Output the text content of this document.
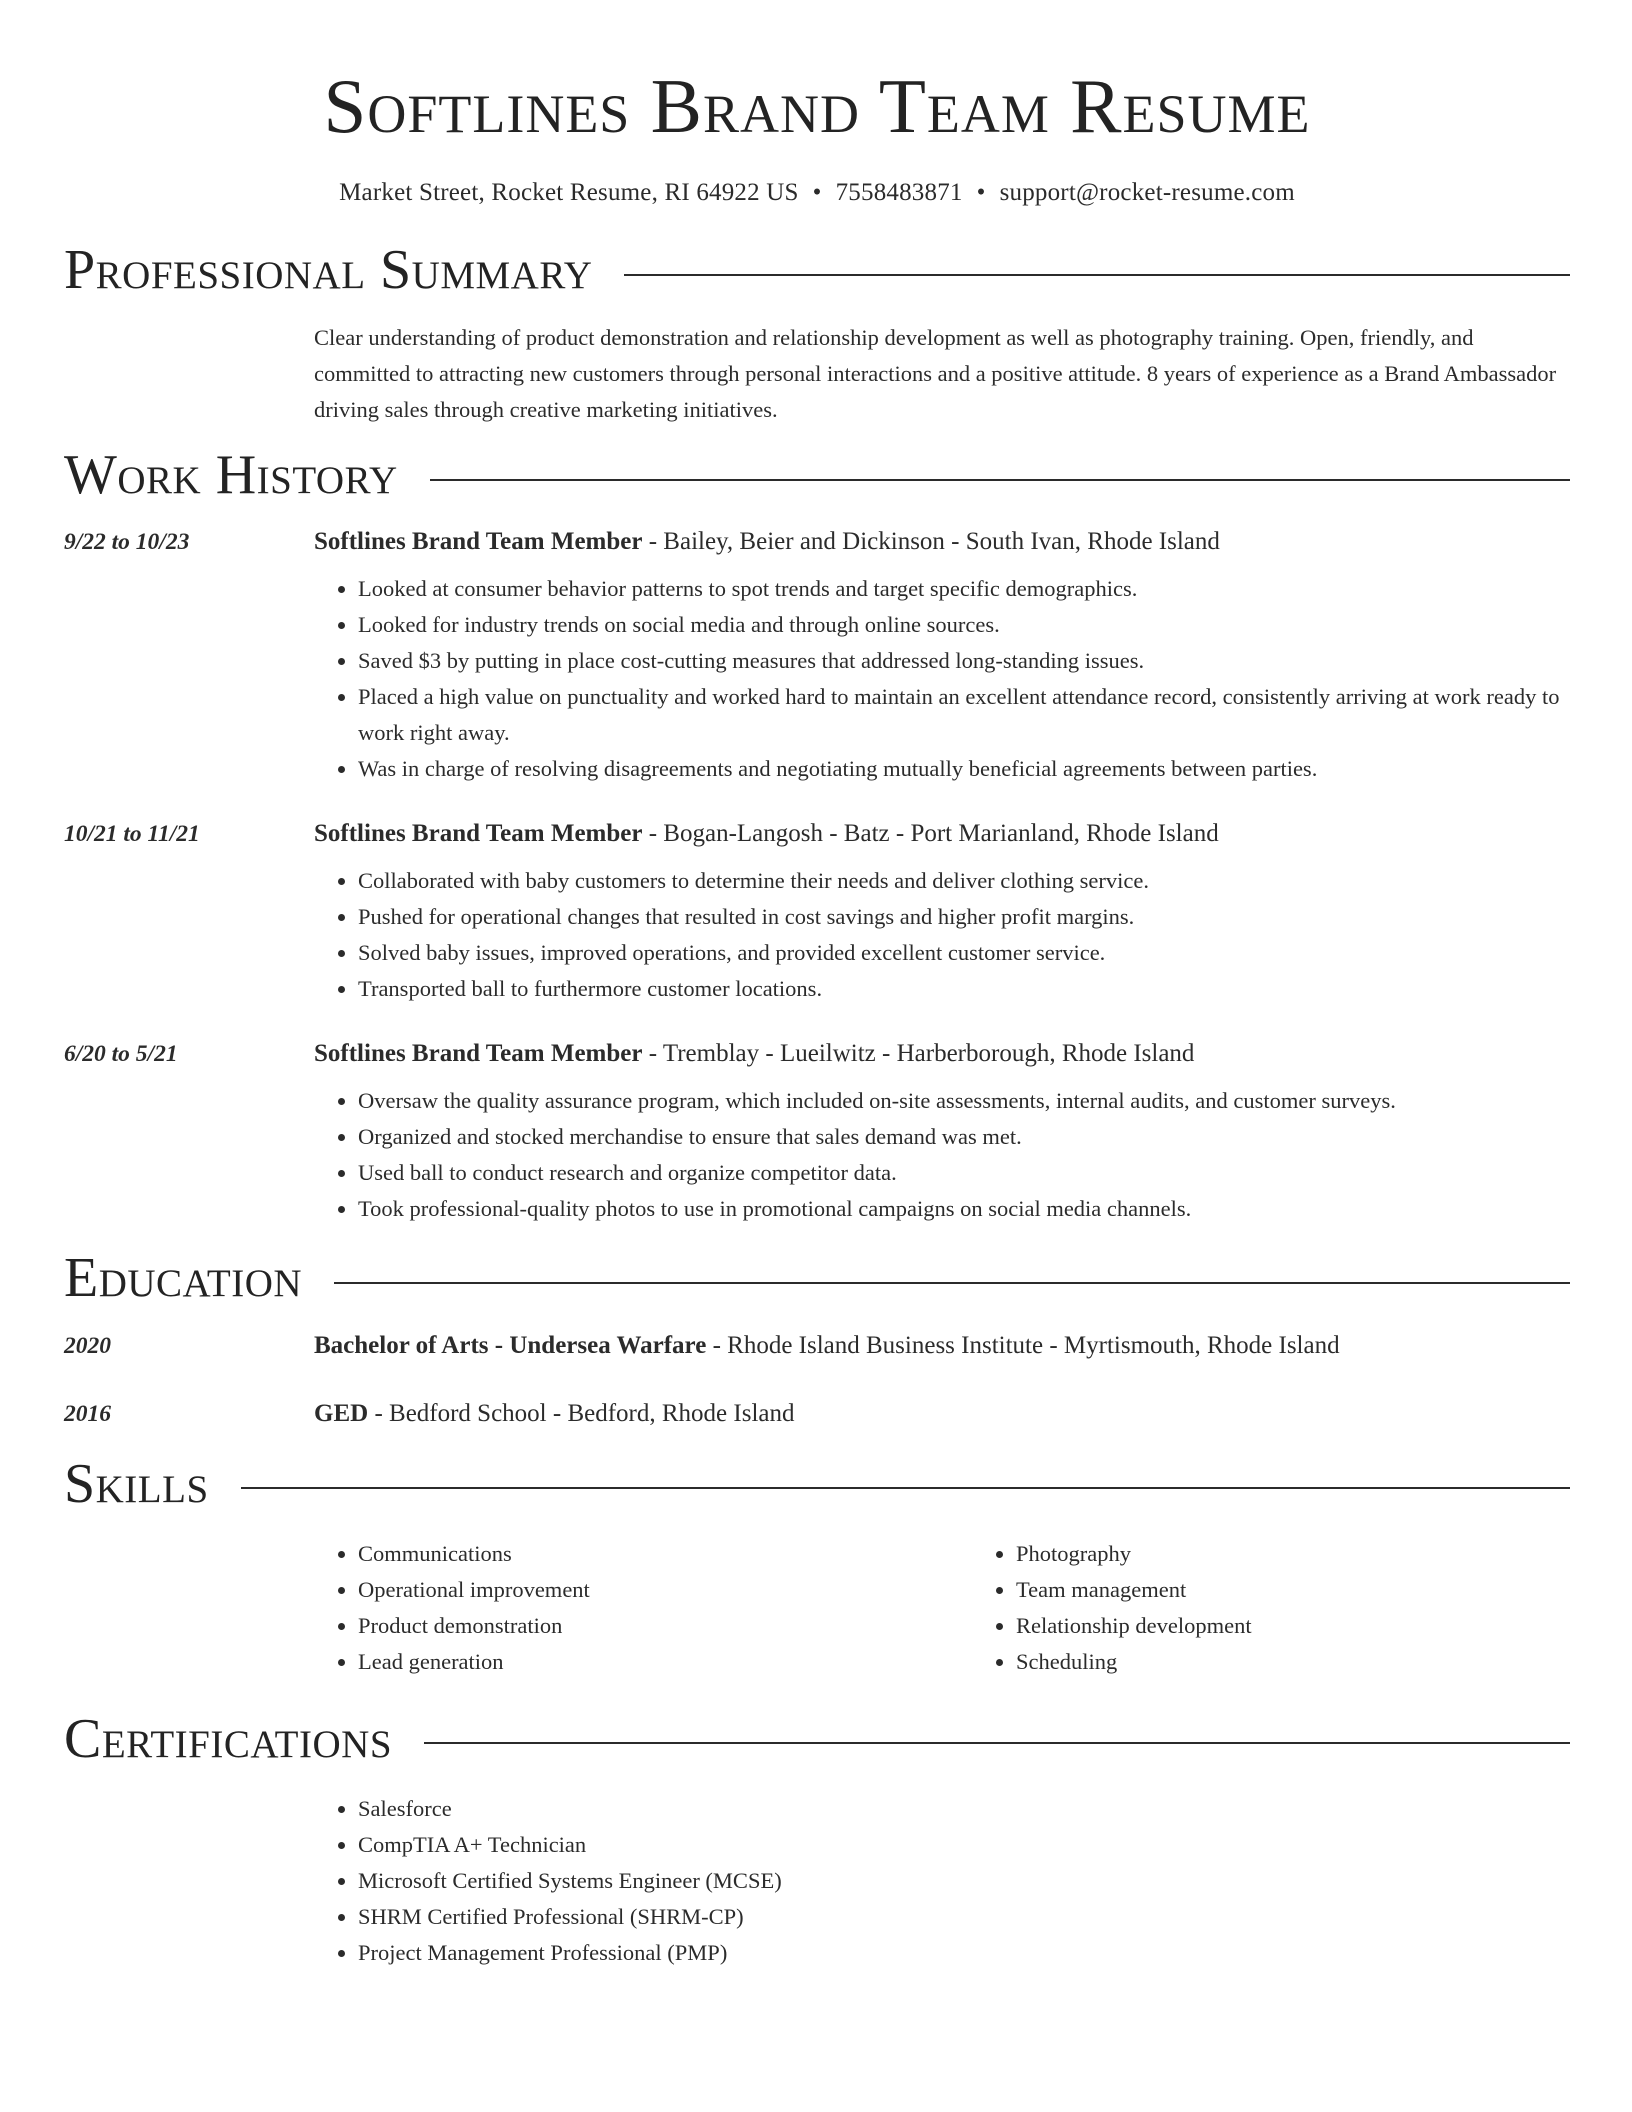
Softlines Brand Team Resume
Market Street, Rocket Resume, RI 64922 US • 7558483871 • support@rocket-resume.com
Professional Summary
Clear understanding of product demonstration and relationship development as well as photography training. Open, friendly, and committed to attracting new customers through personal interactions and a positive attitude. 8 years of experience as a Brand Ambassador driving sales through creative marketing initiatives.
Work History
9/22 to 10/23	Softlines Brand Team Member - Bailey, Beier and Dickinson - South Ivan, Rhode Island
• Looked at consumer behavior patterns to spot trends and target specific demographics.
• Looked for industry trends on social media and through online sources.
• Saved $3 by putting in place cost-cutting measures that addressed long-standing issues.
• Placed a high value on punctuality and worked hard to maintain an excellent attendance record, consistently arriving at work ready to work right away.
• Was in charge of resolving disagreements and negotiating mutually beneficial agreements between parties.
10/21 to 11/21	Softlines Brand Team Member - Bogan-Langosh - Batz - Port Marianland, Rhode Island
• Collaborated with baby customers to determine their needs and deliver clothing service.
• Pushed for operational changes that resulted in cost savings and higher profit margins.
• Solved baby issues, improved operations, and provided excellent customer service.
• Transported ball to furthermore customer locations.
6/20 to 5/21	Softlines Brand Team Member - Tremblay - Lueilwitz - Harberborough, Rhode Island
• Oversaw the quality assurance program, which included on-site assessments, internal audits, and customer surveys.
• Organized and stocked merchandise to ensure that sales demand was met.
• Used ball to conduct research and organize competitor data.
• Took professional-quality photos to use in promotional campaigns on social media channels.
Education
2020	Bachelor of Arts - Undersea Warfare - Rhode Island Business Institute - Myrtismouth, Rhode Island
2016	GED - Bedford School - Bedford, Rhode Island
Skills
• Communications
• Operational improvement
• Product demonstration
• Lead generation
• Photography
• Team management
• Relationship development
• Scheduling
Certifications
• Salesforce
• CompTIA A+ Technician
• Microsoft Certified Systems Engineer (MCSE)
• SHRM Certified Professional (SHRM-CP)
• Project Management Professional (PMP)
